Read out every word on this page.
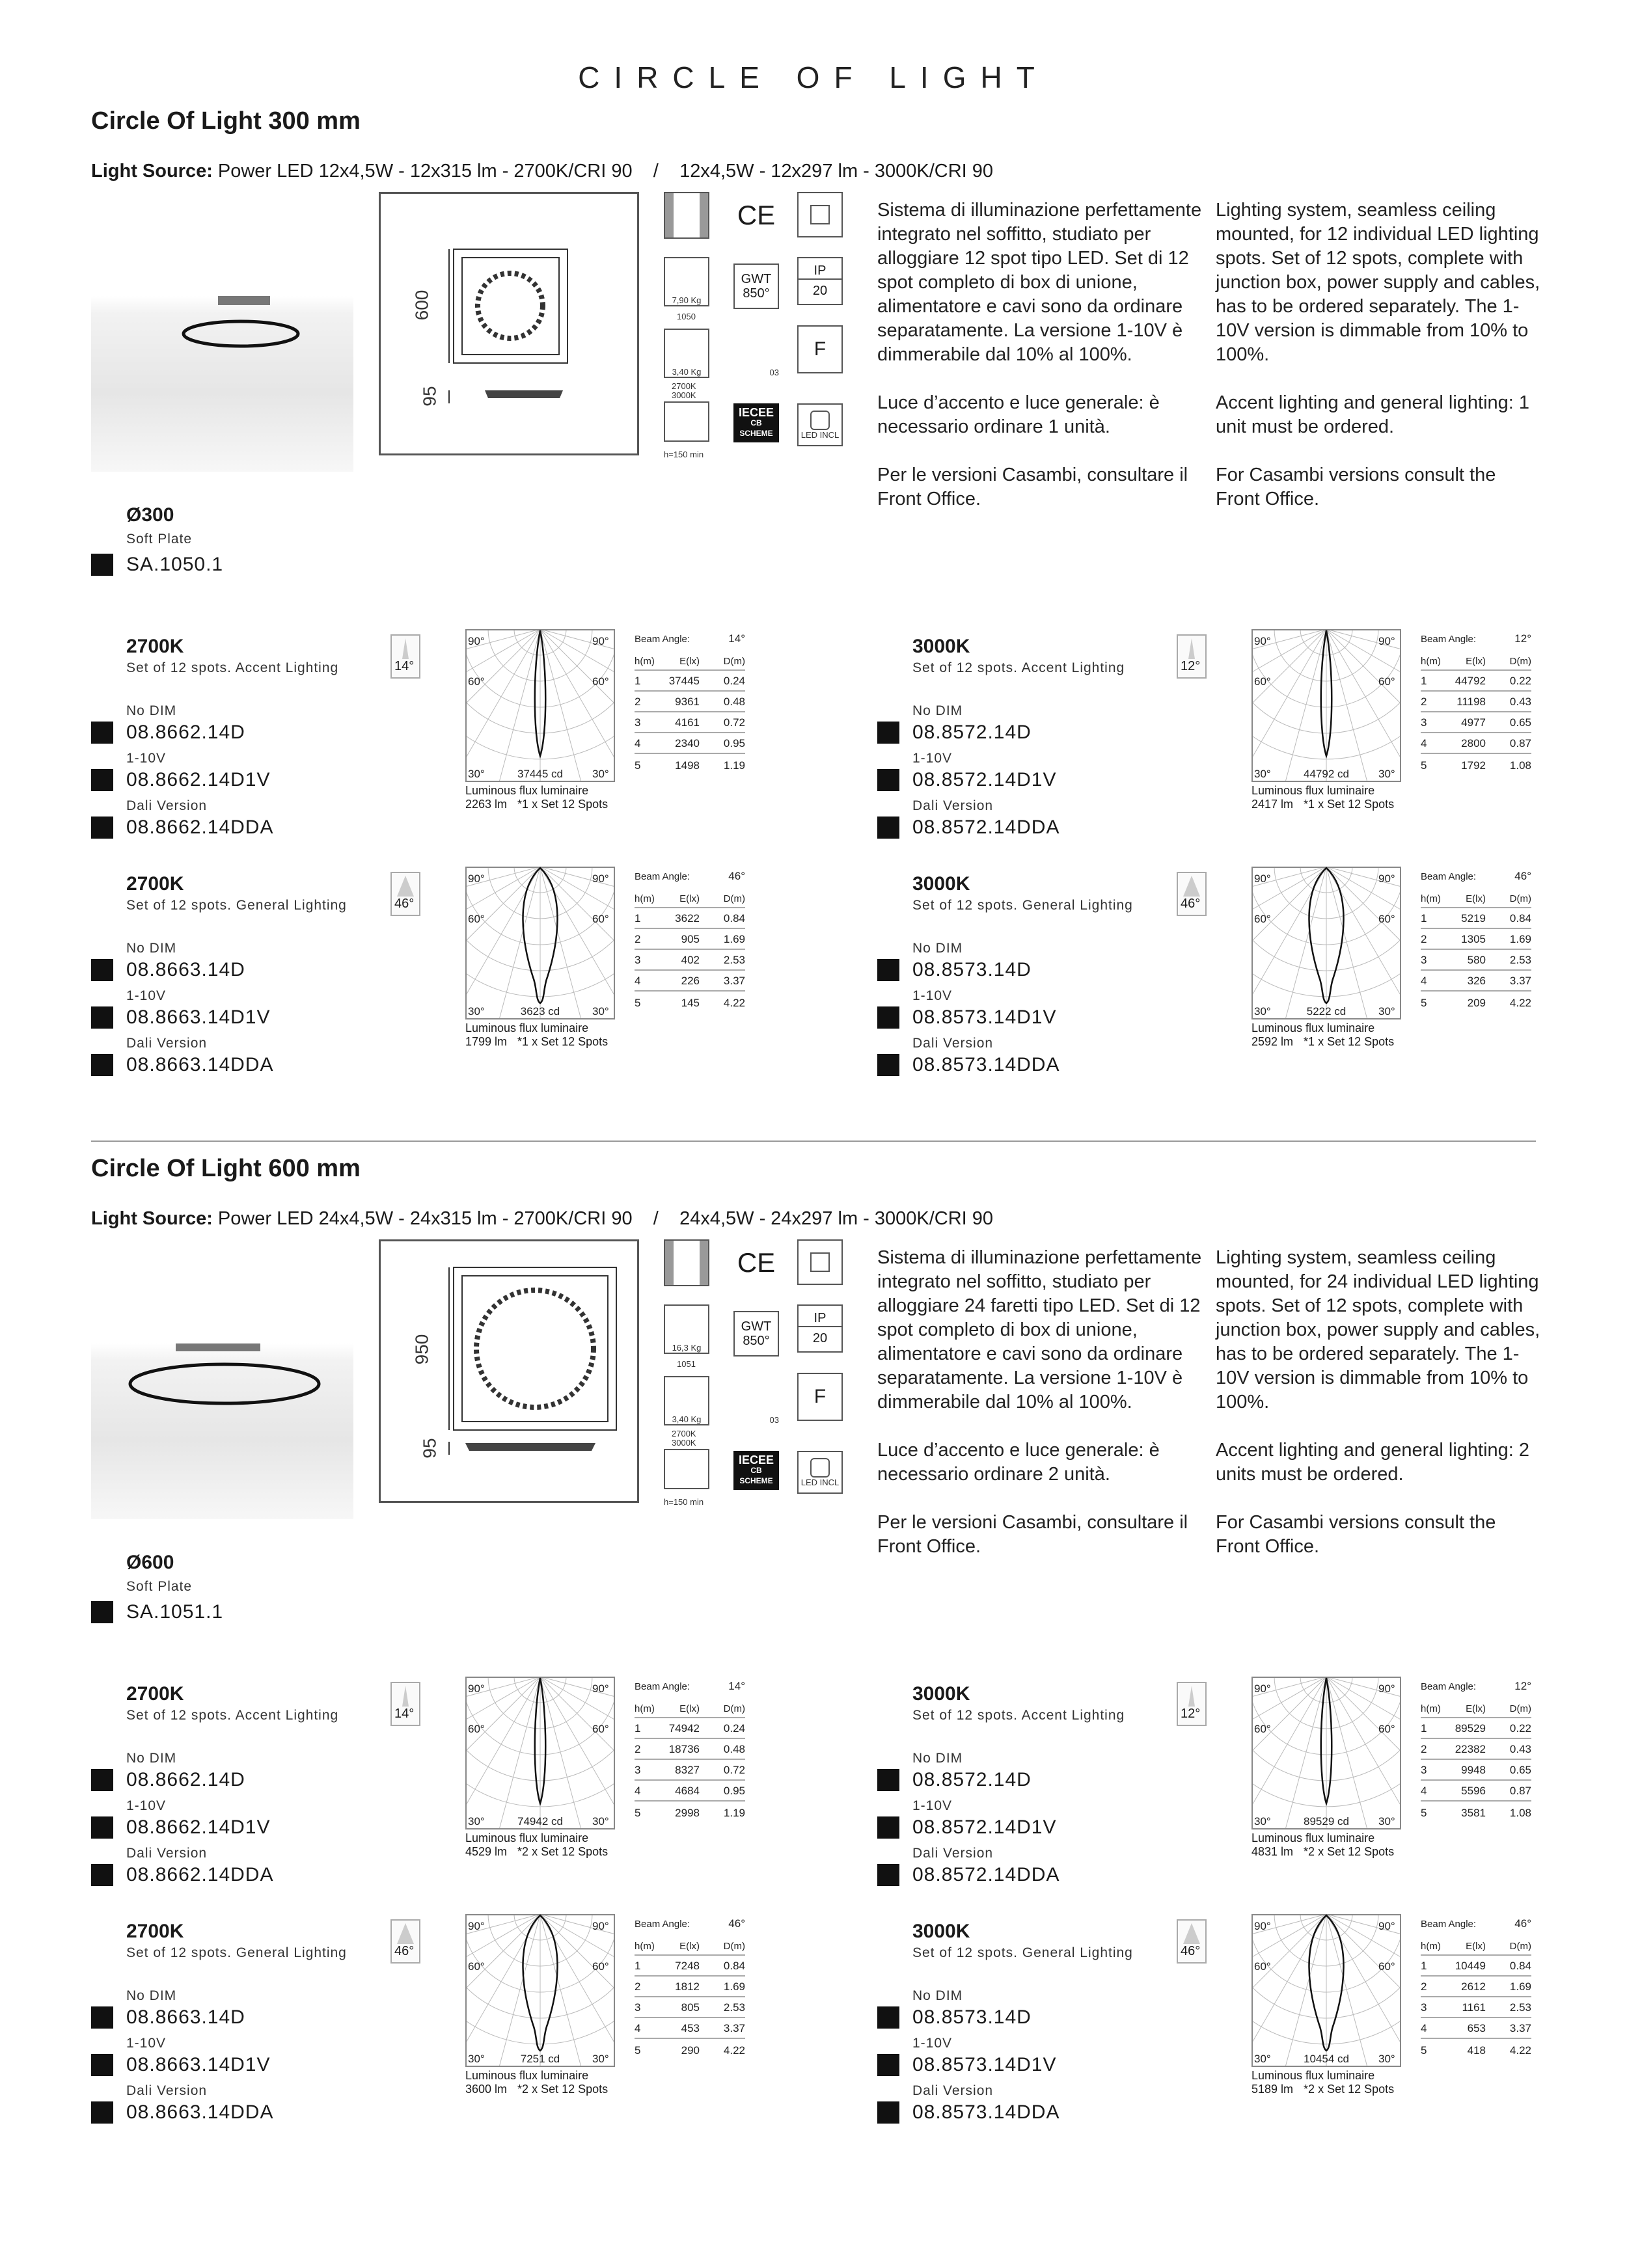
CIRCLE OF LIGHT
Circle Of Light 300 mm
Light Source: Power LED 12x4,5W - 12x315 lm - 2700K/CRI 90    /    12x4,5W - 12x297 lm - 3000K/CRI 90
600
95
7,90 Kg
1050
3,40 Kg
2700K
3000K
h=150 min
CE
GWT
850°
03
IECEE
CB
SCHEME
IP
20
F
LED INCL

Sistema di illuminazione perfettamente integrato nel soffitto, studiato per alloggiare 12 spot tipo LED. Set di 12 spot completo di box di unione, alimentatore e cavi sono da ordinare separatamente. La versione 1-10V è dimmerabile dal 10% al 100%.

Luce d’accento e luce generale: è necessario ordinare 1 unità.

Per le versioni Casambi, consultare il Front Office.

Lighting system, seamless ceiling mounted, for 12 individual LED lighting spots. Set of 12 spots, complete with junction box, power supply and cables, has to be ordered separately. The 1-10V version is dimmable from 10% to 100%.

Accent lighting and general lighting: 1 unit must be ordered.

For Casambi versions consult the Front Office.

Ø300
Soft Plate
SA.1050.1
2700K
Set of 12 spots. Accent Lighting
No DIM
08.8662.14D
1-10V
08.8662.14D1V
Dali Version
08.8662.14DDA
14°
90°	90°
60°	60°
30°	30°
37445 cd
Luminous flux luminaire
2263 lm *1 x Set 12 Spots
Beam Angle:	14°
h(m)	E(lx)	D(m)
1	37445	0.24
2	9361	0.48
3	4161	0.72
4	2340	0.95
5	1498	1.19
3000K
Set of 12 spots. Accent Lighting
No DIM
08.8572.14D
1-10V
08.8572.14D1V
Dali Version
08.8572.14DDA
12°
90°	90°
60°	60°
30°	30°
44792 cd
Luminous flux luminaire
2417 lm *1 x Set 12 Spots
Beam Angle:	12°
h(m)	E(lx)	D(m)
1	44792	0.22
2	11198	0.43
3	4977	0.65
4	2800	0.87
5	1792	1.08
2700K
Set of 12 spots. General Lighting
No DIM
08.8663.14D
1-10V
08.8663.14D1V
Dali Version
08.8663.14DDA
46°
90°	90°
60°	60°
30°	30°
3623 cd
Luminous flux luminaire
1799 lm *1 x Set 12 Spots
Beam Angle:	46°
h(m)	E(lx)	D(m)
1	3622	0.84
2	905	1.69
3	402	2.53
4	226	3.37
5	145	4.22
3000K
Set of 12 spots. General Lighting
No DIM
08.8573.14D
1-10V
08.8573.14D1V
Dali Version
08.8573.14DDA
46°
90°	90°
60°	60°
30°	30°
5222 cd
Luminous flux luminaire
2592 lm *1 x Set 12 Spots
Beam Angle:	46°
h(m)	E(lx)	D(m)
1	5219	0.84
2	1305	1.69
3	580	2.53
4	326	3.37
5	209	4.22
Circle Of Light 600 mm
Light Source: Power LED 24x4,5W - 24x315 lm - 2700K/CRI 90    /    24x4,5W - 24x297 lm - 3000K/CRI 90
950
95
16,3 Kg
1051
3,40 Kg
2700K
3000K
h=150 min
CE
GWT
850°
03
IECEE
CB
SCHEME
IP
20
F
LED INCL

Sistema di illuminazione perfettamente integrato nel soffitto, studiato per alloggiare 24 faretti tipo LED. Set di 12 spot completo di box di unione, alimentatore e cavi sono da ordinare separatamente. La versione 1-10V è dimmerabile dal 10% al 100%.

Luce d’accento e luce generale: è necessario ordinare 2 unità.

Per le versioni Casambi, consultare il Front Office.

Lighting system, seamless ceiling mounted, for 24 individual LED lighting spots. Set of 12 spots, complete with junction box, power supply and cables, has to be ordered separately. The 1-10V version is dimmable from 10% to 100%.

Accent lighting and general lighting: 2 units must be ordered.

For Casambi versions consult the Front Office.

Ø600
Soft Plate
SA.1051.1
2700K
Set of 12 spots. Accent Lighting
No DIM
08.8662.14D
1-10V
08.8662.14D1V
Dali Version
08.8662.14DDA
14°
90°	90°
60°	60°
30°	30°
74942 cd
Luminous flux luminaire
4529 lm *2 x Set 12 Spots
Beam Angle:	14°
h(m)	E(lx)	D(m)
1	74942	0.24
2	18736	0.48
3	8327	0.72
4	4684	0.95
5	2998	1.19
3000K
Set of 12 spots. Accent Lighting
No DIM
08.8572.14D
1-10V
08.8572.14D1V
Dali Version
08.8572.14DDA
12°
90°	90°
60°	60°
30°	30°
89529 cd
Luminous flux luminaire
4831 lm *2 x Set 12 Spots
Beam Angle:	12°
h(m)	E(lx)	D(m)
1	89529	0.22
2	22382	0.43
3	9948	0.65
4	5596	0.87
5	3581	1.08
2700K
Set of 12 spots. General Lighting
No DIM
08.8663.14D
1-10V
08.8663.14D1V
Dali Version
08.8663.14DDA
46°
90°	90°
60°	60°
30°	30°
7251 cd
Luminous flux luminaire
3600 lm *2 x Set 12 Spots
Beam Angle:	46°
h(m)	E(lx)	D(m)
1	7248	0.84
2	1812	1.69
3	805	2.53
4	453	3.37
5	290	4.22
3000K
Set of 12 spots. General Lighting
No DIM
08.8573.14D
1-10V
08.8573.14D1V
Dali Version
08.8573.14DDA
46°
90°	90°
60°	60°
30°	30°
10454 cd
Luminous flux luminaire
5189 lm *2 x Set 12 Spots
Beam Angle:	46°
h(m)	E(lx)	D(m)
1	10449	0.84
2	2612	1.69
3	1161	2.53
4	653	3.37
5	418	4.22
